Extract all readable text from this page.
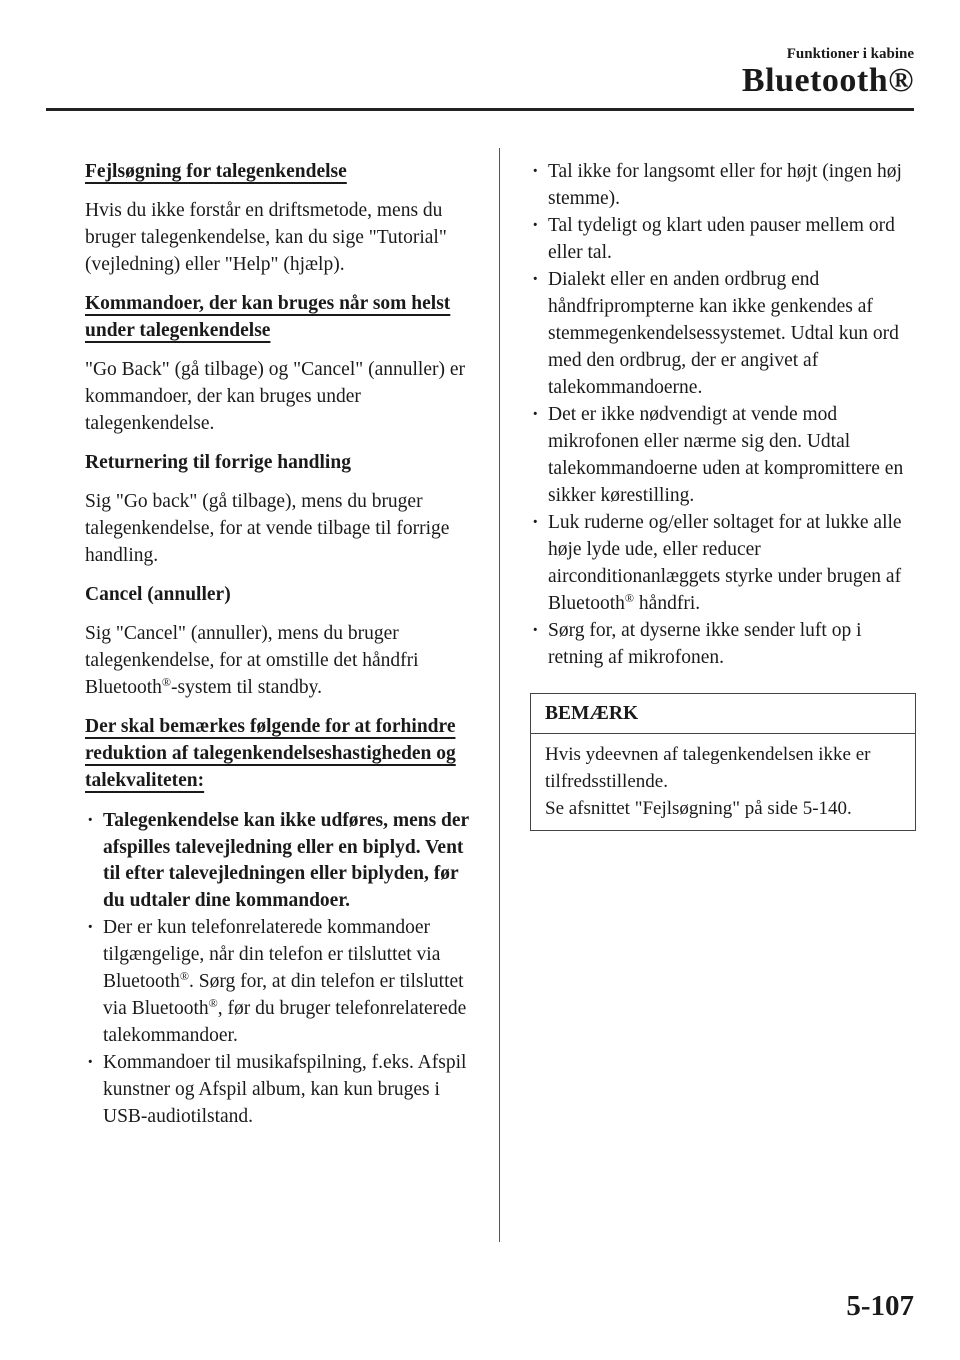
Funktioner i kabine
Bluetooth®
Fejlsøgning for talegenkendelse

Hvis du ikke forstår en driftsmetode, mens du bruger talegenkendelse, kan du sige "Tutorial" (vejledning) eller "Help" (hjælp).

Kommandoer, der kan bruges når som helst under talegenkendelse

"Go Back" (gå tilbage) og "Cancel" (annuller) er kommandoer, der kan bruges under talegenkendelse.

Returnering til forrige handling

Sig "Go back" (gå tilbage), mens du bruger talegenkendelse, for at vende tilbage til forrige handling.

Cancel (annuller)

Sig "Cancel" (annuller), mens du bruger talegenkendelse, for at omstille det håndfri Bluetooth®-system til standby.

Der skal bemærkes følgende for at forhindre reduktion af talegenkendelseshastigheden og talekvaliteten:
· Talegenkendelse kan ikke udføres, mens der afspilles talevejledning eller en biplyd. Vent til efter talevejledningen eller biplyden, før du udtaler dine kommandoer.
· Der er kun telefonrelaterede kommandoer tilgængelige, når din telefon er tilsluttet via Bluetooth®. Sørg for, at din telefon er tilsluttet via Bluetooth®, før du bruger telefonrelaterede talekommandoer.
· Kommandoer til musikafspilning, f.eks. Afspil kunstner og Afspil album, kan kun bruges i USB-audiotilstand.
· Tal ikke for langsomt eller for højt (ingen høj stemme).
· Tal tydeligt og klart uden pauser mellem ord eller tal.
· Dialekt eller en anden ordbrug end håndfriprompterne kan ikke genkendes af stemmegenkendelsessystemet. Udtal kun ord med den ordbrug, der er angivet af talekommandoerne.
· Det er ikke nødvendigt at vende mod mikrofonen eller nærme sig den. Udtal talekommandoerne uden at kompromittere en sikker kørestilling.
· Luk ruderne og/eller soltaget for at lukke alle høje lyde ude, eller reducer airconditionanlæggets styrke under brugen af Bluetooth® håndfri.
· Sørg for, at dyserne ikke sender luft op i retning af mikrofonen.
BEMÆRK
Hvis ydeevnen af talegenkendelsen ikke er tilfredsstillende.
Se afsnittet "Fejlsøgning" på side 5-140.
5-107
